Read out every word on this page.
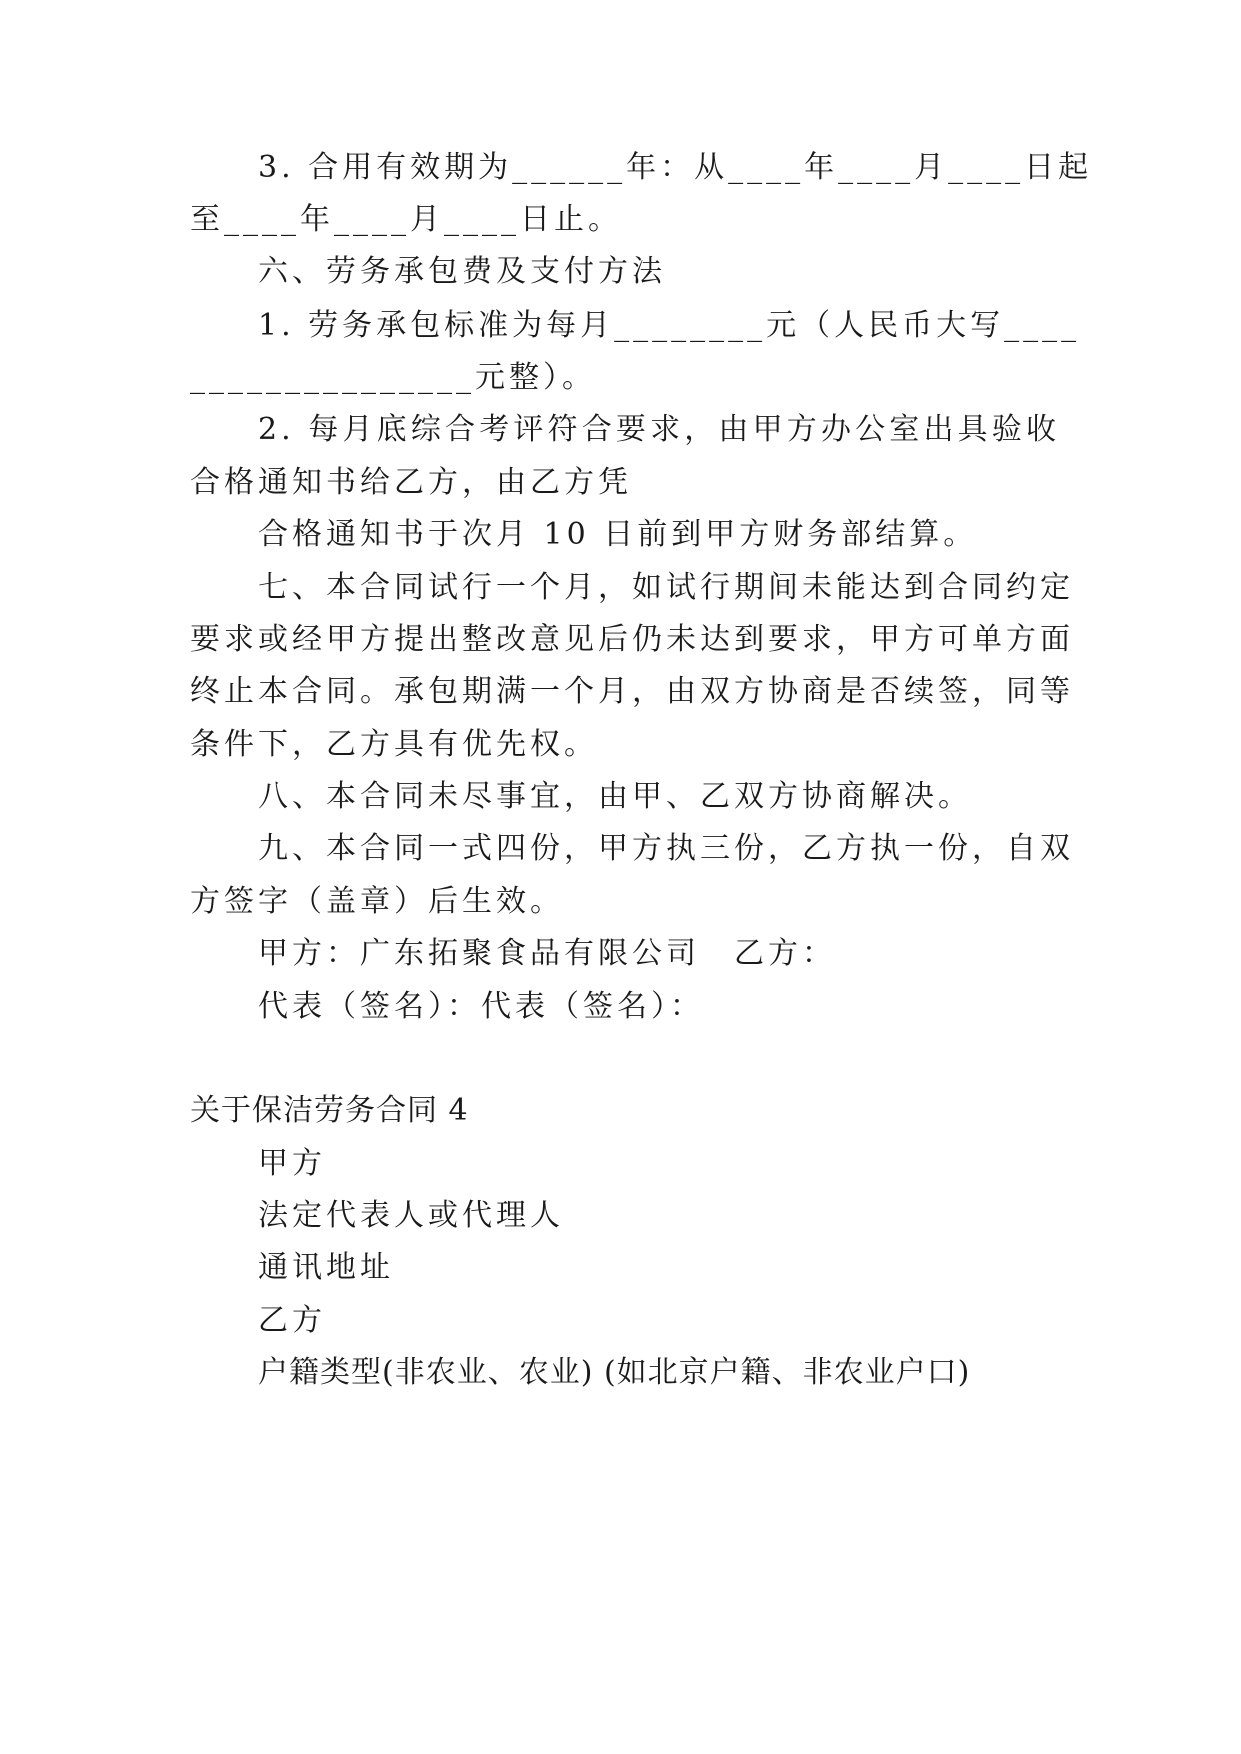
3. 合用有效期为______年：从____年____月____日起
至____年____月____日止。
六、劳务承包费及支付方法
1. 劳务承包标准为每月________元（人民币大写____
_______________元整）。
2. 每月底综合考评符合要求，由甲方办公室出具验收
合格通知书给乙方，由乙方凭
合格通知书于次月 10 日前到甲方财务部结算。
七、本合同试行一个月，如试行期间未能达到合同约定
要求或经甲方提出整改意见后仍未达到要求，甲方可单方面
终止本合同。承包期满一个月，由双方协商是否续签，同等
条件下，乙方具有优先权。
八、本合同未尽事宜，由甲、乙双方协商解决。
九、本合同一式四份，甲方执三份，乙方执一份，自双
方签字（盖章）后生效。
甲方：广东拓聚食品有限公司　乙方：
代表（签名）：代表（签名）：
关于保洁劳务合同 4
甲方
法定代表人或代理人
通讯地址
乙方
户籍类型(非农业、农业) (如北京户籍、非农业户口)
